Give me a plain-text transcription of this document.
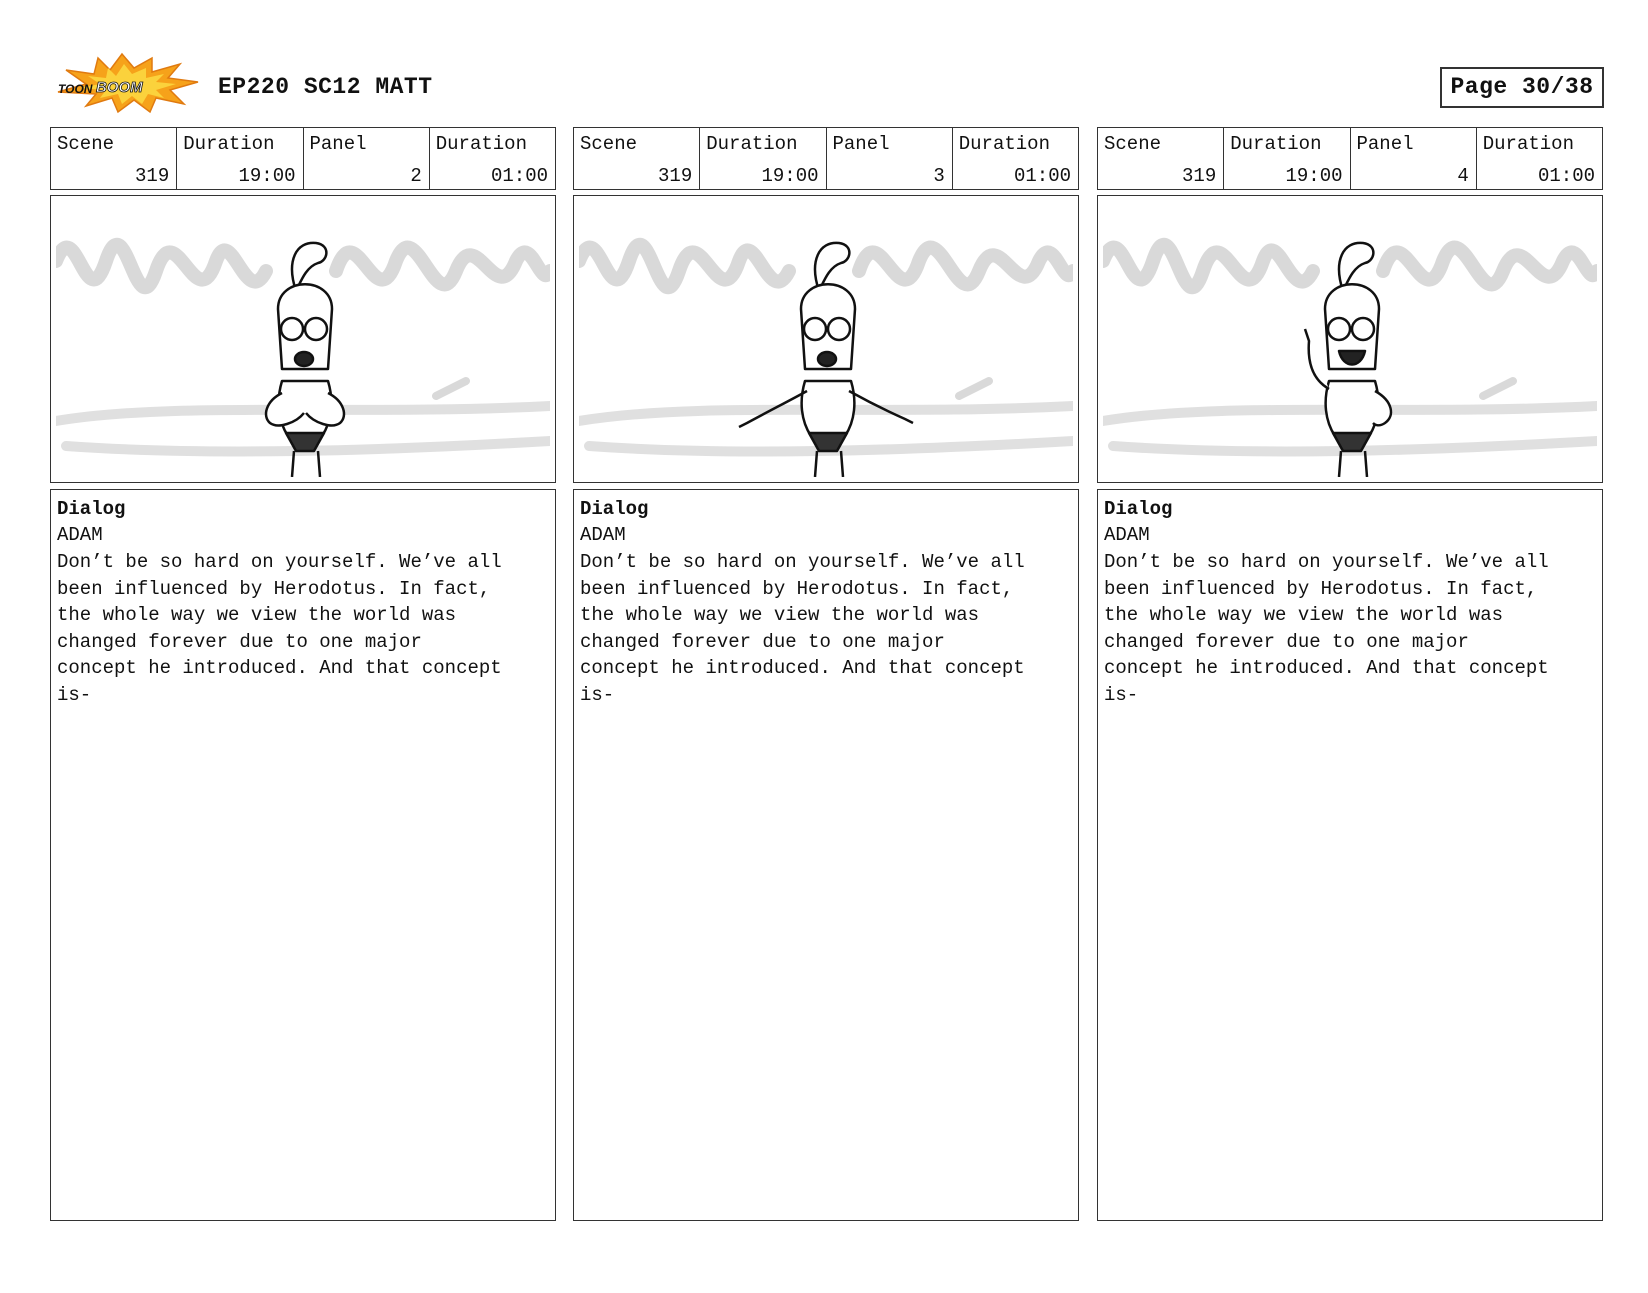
TOON BOOM	EP220 SC12 MATT	Page 30/38
Scene
319
Duration
19:00
Panel
2
Duration
01:00
Dialog
ADAM
Don’t be so hard on yourself. We’ve all
been influenced by Herodotus. In fact,
the whole way we view the world was
changed forever due to one major
concept he introduced. And that concept
is-
Scene
319
Duration
19:00
Panel
3
Duration
01:00
Dialog
ADAM
Don’t be so hard on yourself. We’ve all
been influenced by Herodotus. In fact,
the whole way we view the world was
changed forever due to one major
concept he introduced. And that concept
is-
Scene
319
Duration
19:00
Panel
4
Duration
01:00
Dialog
ADAM
Don’t be so hard on yourself. We’ve all
been influenced by Herodotus. In fact,
the whole way we view the world was
changed forever due to one major
concept he introduced. And that concept
is-
